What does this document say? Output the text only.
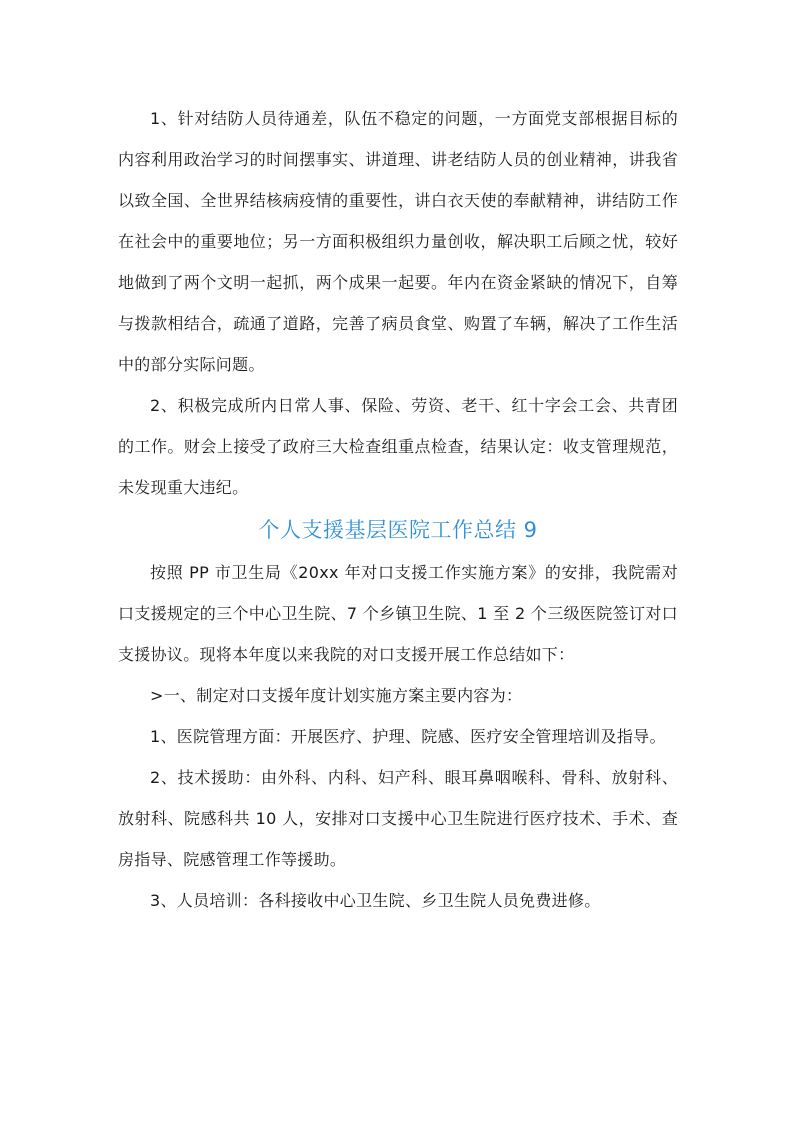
1、针对结防人员待通差，队伍不稳定的问题，一方面党支部根据目标的内容利用政治学习的时间摆事实、讲道理、讲老结防人员的创业精神，讲我省以致全国、全世界结核病疫情的重要性，讲白衣天使的奉献精神，讲结防工作在社会中的重要地位；另一方面积极组织力量创收，解决职工后顾之忧，较好地做到了两个文明一起抓，两个成果一起要。年内在资金紧缺的情况下，自筹与拨款相结合，疏通了道路，完善了病员食堂、购置了车辆，解决了工作生活中的部分实际问题。

2、积极完成所内日常人事、保险、劳资、老干、红十字会工会、共青团的工作。财会上接受了政府三大检查组重点检查，结果认定：收支管理规范，未发现重大违纪。

个人支援基层医院工作总结 9

按照 PP 市卫生局《20xx 年对口支援工作实施方案》的安排，我院需对口支援规定的三个中心卫生院、7 个乡镇卫生院、1 至 2 个三级医院签订对口支援协议。现将本年度以来我院的对口支援开展工作总结如下：

>一、制定对口支援年度计划实施方案主要内容为：

1、医院管理方面：开展医疗、护理、院感、医疗安全管理培训及指导。

2、技术援助：由外科、内科、妇产科、眼耳鼻咽喉科、骨科、放射科、放射科、院感科共 10 人，安排对口支援中心卫生院进行医疗技术、手术、查房指导、院感管理工作等援助。

3、人员培训：各科接收中心卫生院、乡卫生院人员免费进修。
